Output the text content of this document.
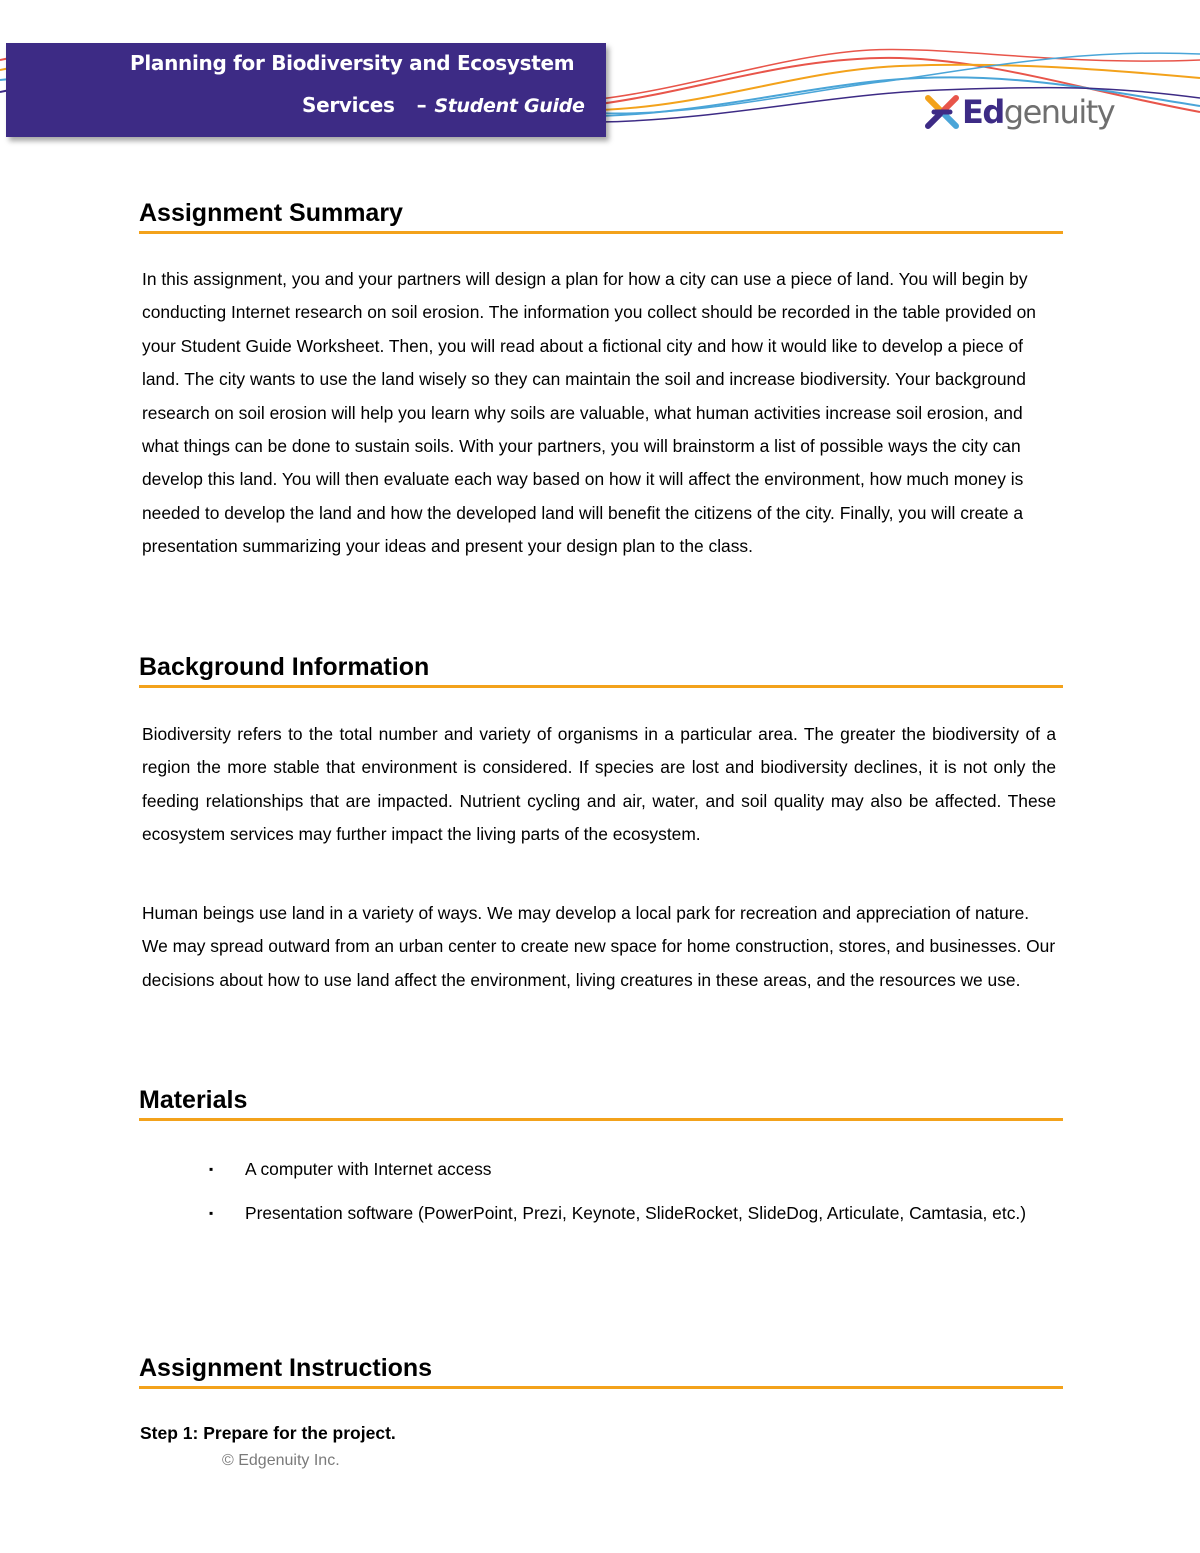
Planning for Biodiversity and Ecosystem
Services – Student Guide	Edgenuity
Assignment Summary

In this assignment, you and your partners will design a plan for how a city can use a piece of land. You will begin by conducting Internet research on soil erosion. The information you collect should be recorded in the table provided on your Student Guide Worksheet. Then, you will read about a fictional city and how it would like to develop a piece of land. The city wants to use the land wisely so they can maintain the soil and increase biodiversity. Your background research on soil erosion will help you learn why soils are valuable, what human activities increase soil erosion, and what things can be done to sustain soils. With your partners, you will brainstorm a list of possible ways the city can develop this land. You will then evaluate each way based on how it will affect the environment, how much money is needed to develop the land and how the developed land will benefit the citizens of the city. Finally, you will create a presentation summarizing your ideas and present your design plan to the class.

Background Information

Biodiversity refers to the total number and variety of organisms in a particular area. The greater the biodiversity of a region the more stable that environment is considered. If species are lost and biodiversity declines, it is not only the feeding relationships that are impacted. Nutrient cycling and air, water, and soil quality may also be affected. These ecosystem services may further impact the living parts of the ecosystem.

Human beings use land in a variety of ways. We may develop a local park for recreation and appreciation of nature. We may spread outward from an urban center to create new space for home construction, stores, and businesses. Our decisions about how to use land affect the environment, living creatures in these areas, and the resources we use.

Materials
▪ A computer with Internet access
▪ Presentation software (PowerPoint, Prezi, Keynote, SlideRocket, SlideDog, Articulate, Camtasia, etc.)
Assignment Instructions

Step 1: Prepare for the project.

© Edgenuity Inc.
